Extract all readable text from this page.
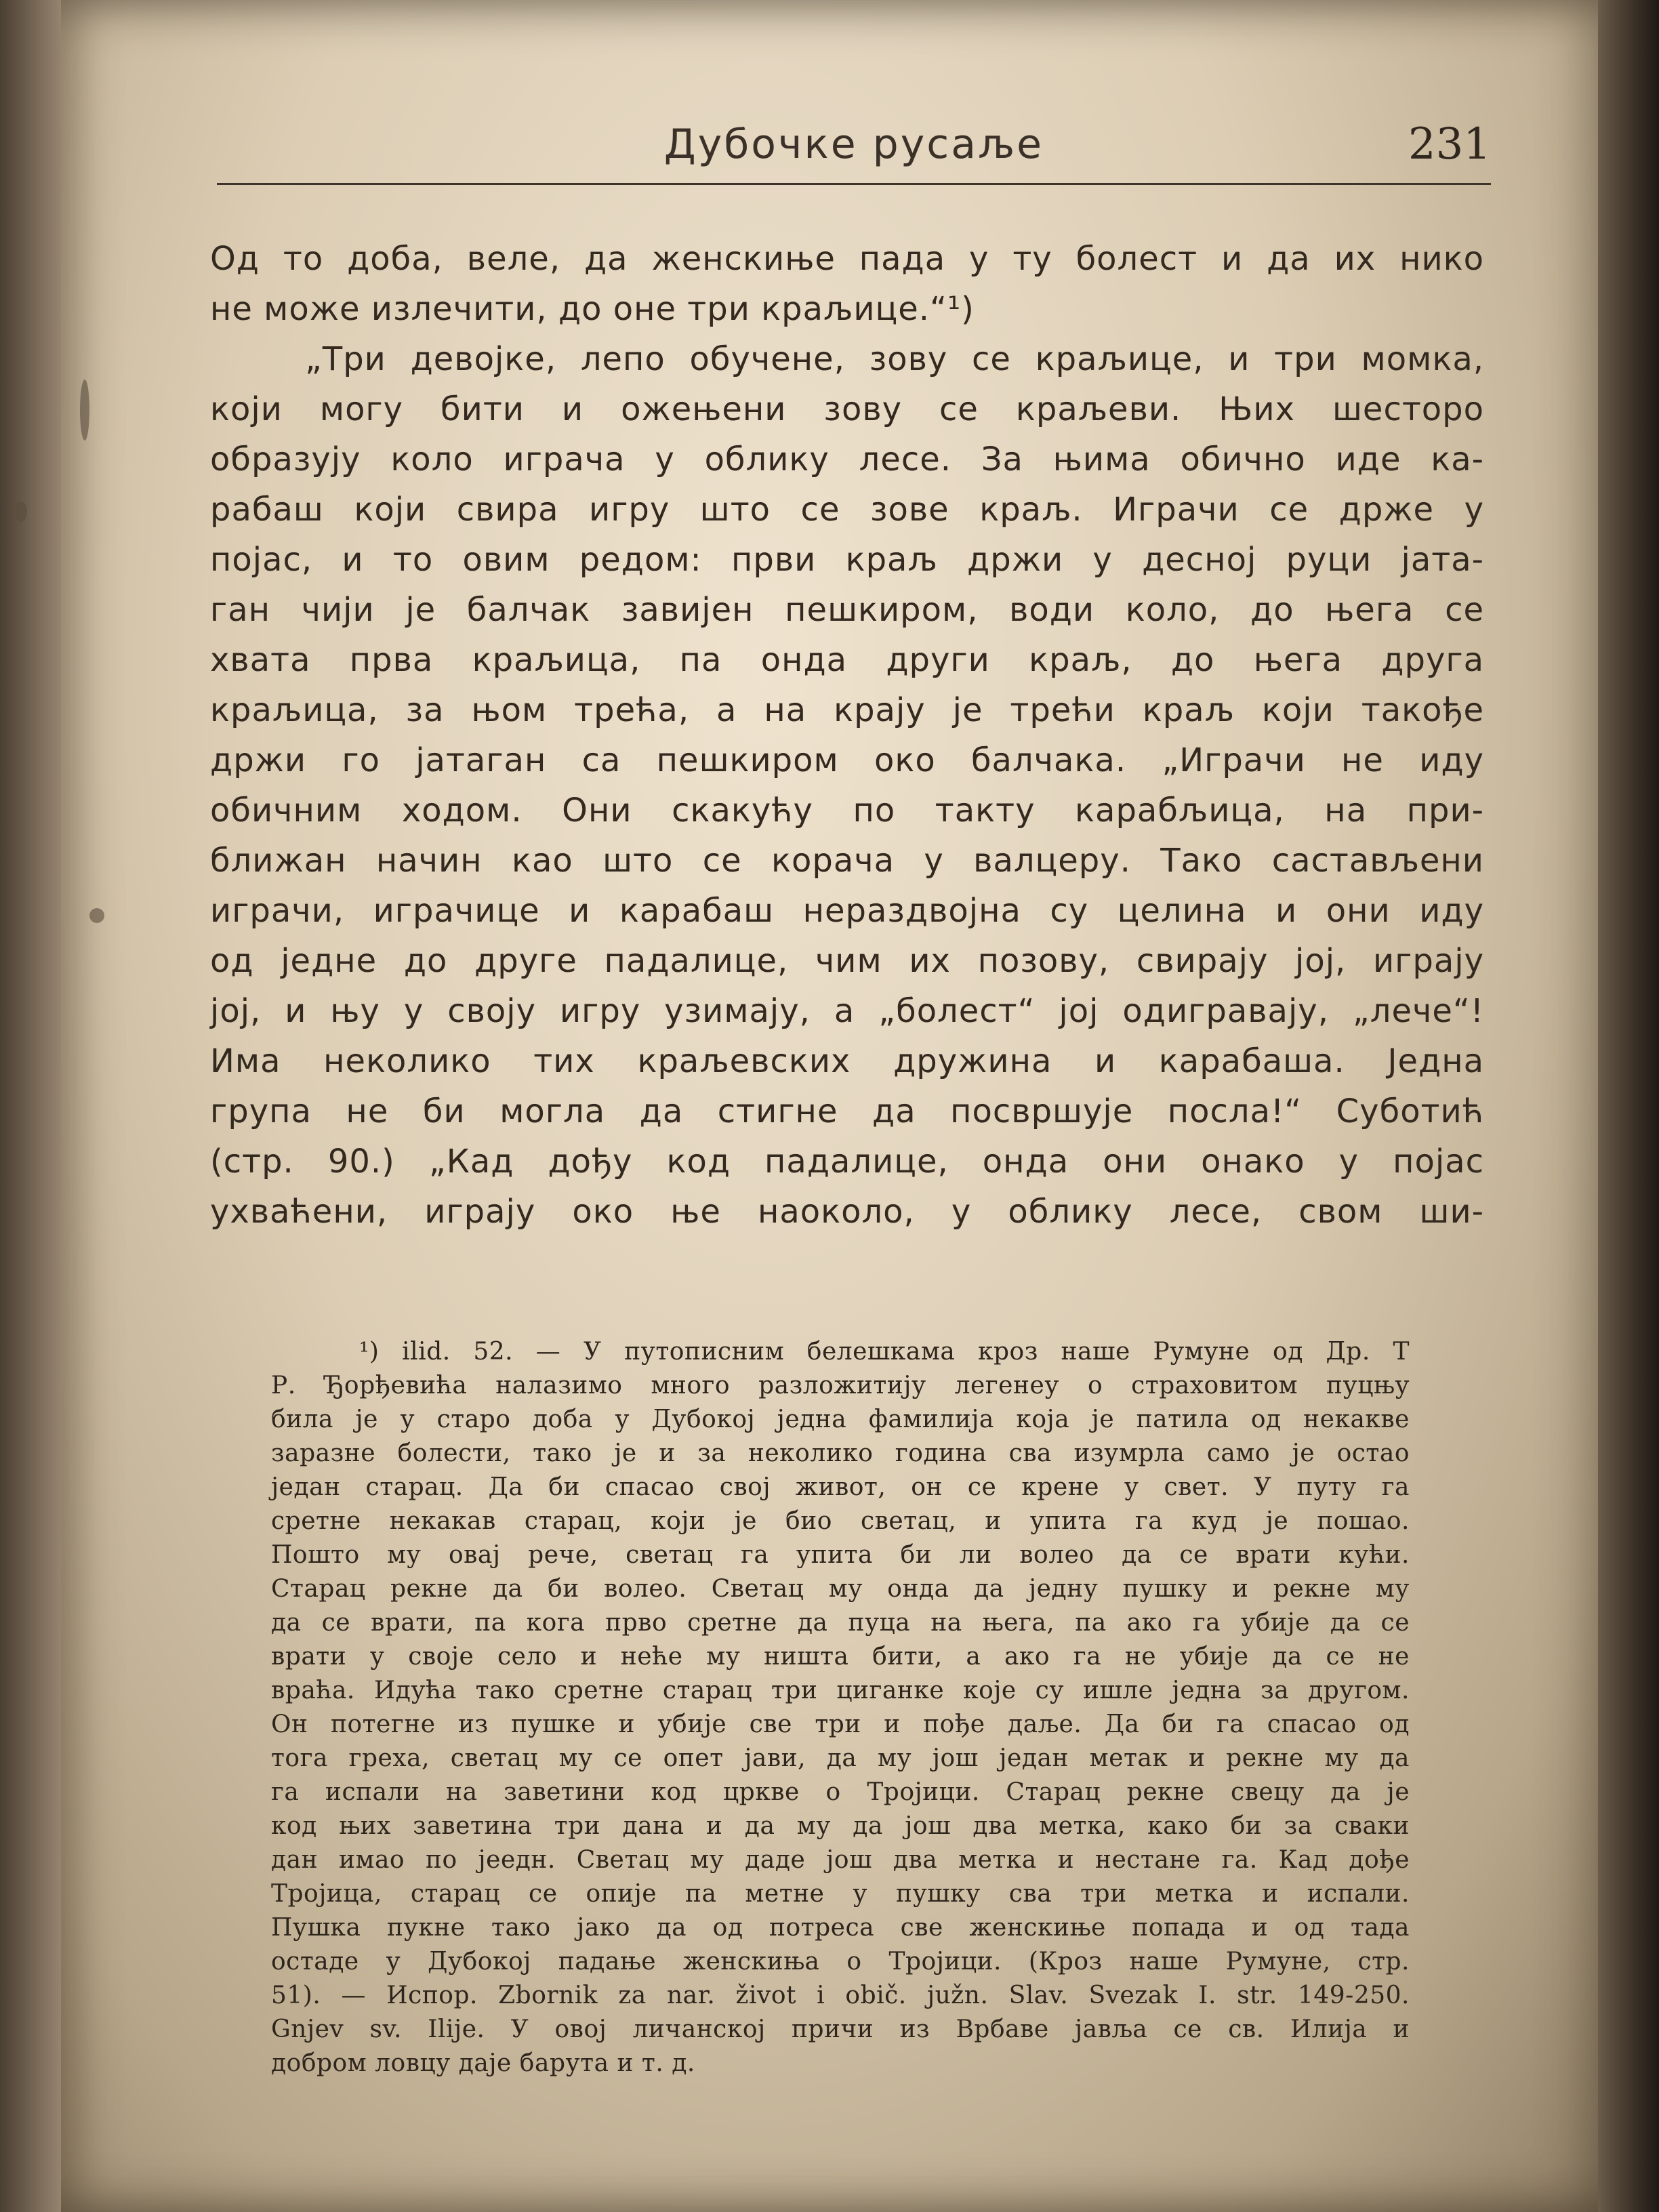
Дубочке русаље	231
Од то доба, веле, да женскиње пада у ту болест и да их нико
не може излечити, до оне три краљице.“¹)
„Три девојке, лепо обучене, зову се краљице, и три момка,
који могу бити и ожењени зову се краљеви. Њих шесторо
образују коло играча у облику лесе. За њима обично иде ка-
рабаш који свира игру што се зове краљ. Играчи се држе у
појас, и то овим редом: први краљ држи у десној руци јата-
ган чији је балчак завијен пешкиром, води коло, до њега се
хвата прва краљица, па онда други краљ, до њега друга
краљица, за њом трећа, а на крају је трећи краљ који такође
држи го јатаган са пешкиром око балчака. „Играчи не иду
обичним ходом. Они скакућу по такту карабљица, на при-
ближан начин као што се корача у валцеру. Тако састављени
играчи, играчице и карабаш нераздвојна су целина и они иду
од једне до друге падалице, чим их позову, свирају јој, играју
јој, и њу у своју игру узимају, а „болест“ јој одигравају, „лече“!
Има неколико тих краљевских дружина и карабаша. Једна
група не би могла да стигне да посвршује посла!“ Суботић
(стр. 90.) „Кад дођу код падалице, онда они онако у појас
ухваћени, играју око ње наоколо, у облику лесе, свом ши-
¹) ilid. 52. — У путописним белешкама кроз наше Румуне од Др. Т
Р. Ђорђевића налазимо много разложитију легенеу о страховитом пуцњу
била је у старо доба у Дубокој једна фамилија која је патила од некакве
заразне болести, тако је и за неколико година сва изумрла само је остао
један старац. Да би спасао свој живот, он се крене у свет. У путу га
сретне некакав старац, који је био светац, и упита га куд је пошао.
Пошто му овај рече, светац га упита би ли волео да се врати кући.
Старац рекне да би волео. Светац му онда да једну пушку и рекне му
да се врати, па кога прво сретне да пуца на њега, па ако га убије да се
врати у своје село и неће му ништа бити, а ако га не убије да се не
враћа. Идућа тако сретне старац три циганке које су ишле једна за другом.
Он потегне из пушке и убије све три и пође даље. Да би га спасао од
тога греха, светац му се опет јави, да му још један метак и рекне му да
га испали на заветини код цркве о Тројици. Старац рекне свецу да је
код њих заветина три дана и да му да још два метка, како би за сваки
дан имао по јеедн. Светац му даде још два метка и нестане га. Кад дође
Тројица, старац се опије па метне у пушку сва три метка и испали.
Пушка пукне тако јако да од потреса све женскиње попада и од тада
остаде у Дубокој падање женскиња о Тројици. (Кроз наше Румуне, стр.
51). — Испор. Zbornik za nar. život i obič. južn. Slav. Svezak I. str. 149-250.
Gnjev sv. Ilije. У овој личанској причи из Врбаве јавља се св. Илија и
добром ловцу даје барута и т. д.
